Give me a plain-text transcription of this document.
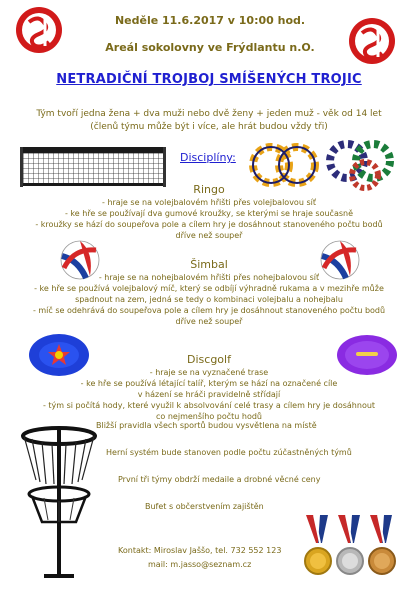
Neděle 11.6.2017 v 10:00 hod.
Areál sokolovny ve Frýdlantu n.O.
NETRADIČNÍ TROJBOJ SMÍŠENÝCH TROJIC
Tým tvoří jedna žena + dva muži nebo dvě ženy + jeden muž - věk od 14 let
(členů týmu může být i více, ale hrát budou vždy tři)
Disciplíny:
Ringo
- hraje se na volejbalovém hřišti přes volejbalovou síť
- ke hře se používají dva gumové kroužky, se kterými se hraje současně
- kroužky se hází do soupeřova pole a cílem hry je dosáhnout stanoveného počtu bodů
dříve než soupeř
Šimbal
- hraje se na nohejbalovém hřišti přes nohejbalovou síť
- ke hře se používá volejbalový míč, který se odbíjí výhradně rukama a v mezihře může
spadnout na zem, jedná se tedy o kombinaci volejbalu a nohejbalu
- míč se odehrává do soupeřova pole a cílem hry je dosáhnout stanoveného počtu bodů
dříve než soupeř
Discgolf
- hraje se na vyznačené trase
- ke hře se používá létající talíř, kterým se hází na označené cíle
v házení se hráči pravidelně střídají
- tým si počítá hody, které využil k absolvování celé trasy a cílem hry je dosáhnout
co nejmenšího počtu hodů
Bližší pravidla všech sportů budou vysvětlena na místě
Herní systém bude stanoven podle počtu zúčastněných týmů
První tři týmy obdrží medaile a drobné věcné ceny
Bufet s občerstvením zajištěn
Kontakt: Miroslav Jaššo, tel. 732 552 123
mail: m.jasso@seznam.cz
